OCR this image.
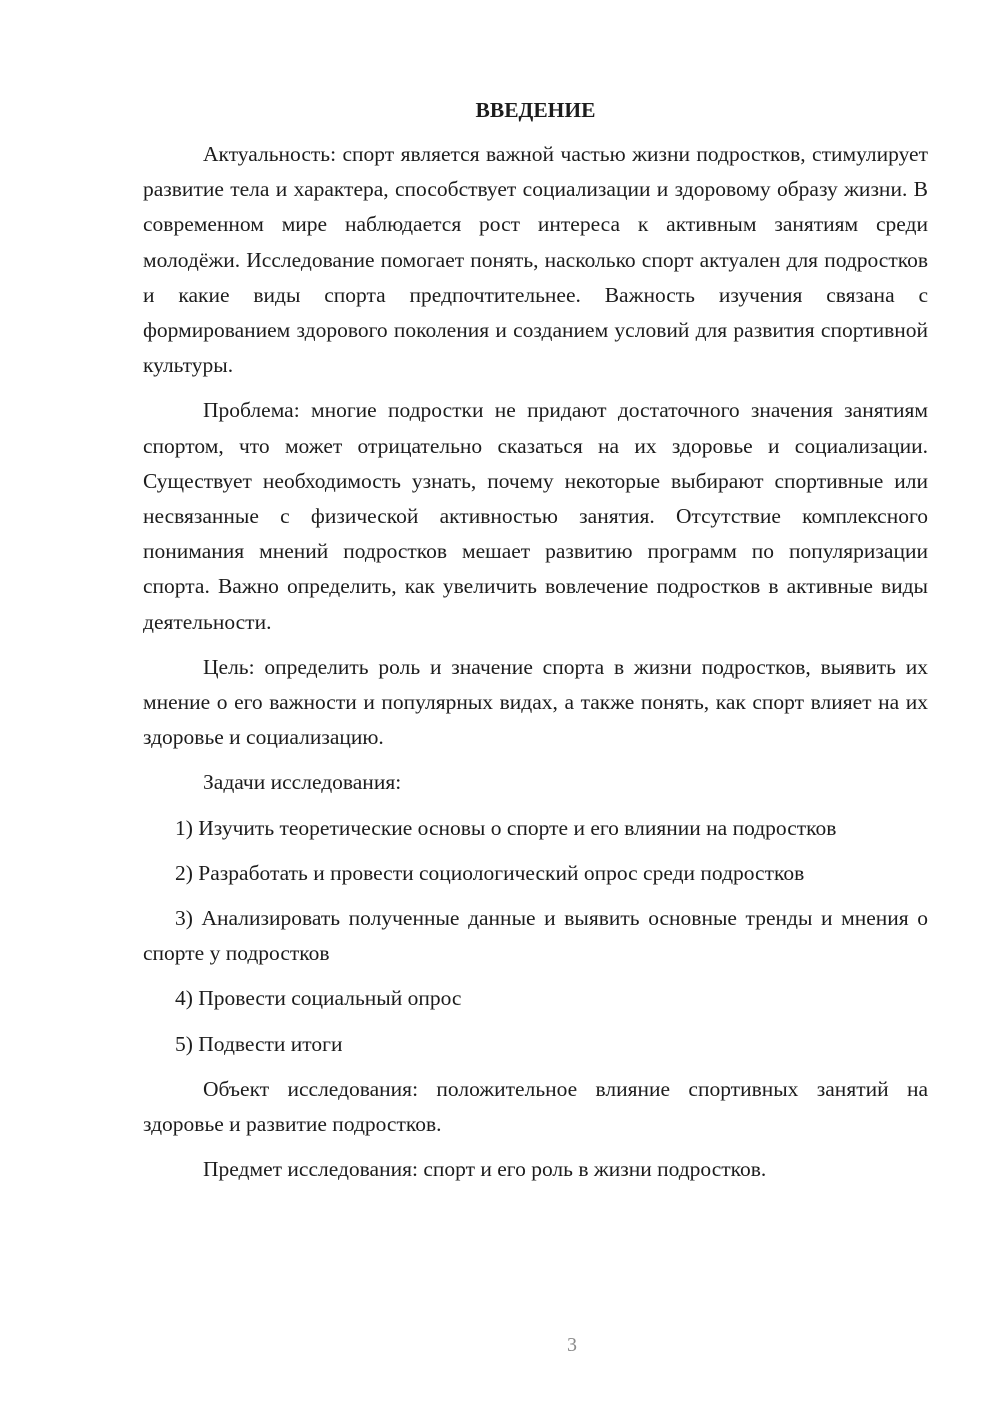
ВВЕДЕНИЕ
Актуальность: спорт является важной частью жизни подростков, стимулирует развитие тела и характера, способствует социализации и здоровому образу жизни. В современном мире наблюдается рост интереса к активным занятиям среди молодёжи. Исследование помогает понять, насколько спорт актуален для подростков и какие виды спорта предпочтительнее. Важность изучения связана с формированием здорового поколения и созданием условий для развития спортивной культуры.
Проблема: многие подростки не придают достаточного значения занятиям спортом, что может отрицательно сказаться на их здоровье и социализации. Существует необходимость узнать, почему некоторые выбирают спортивные или несвязанные с физической активностью занятия. Отсутствие комплексного понимания мнений подростков мешает развитию программ по популяризации спорта. Важно определить, как увеличить вовлечение подростков в активные виды деятельности.
Цель: определить роль и значение спорта в жизни подростков, выявить их мнение о его важности и популярных видах, а также понять, как спорт влияет на их здоровье и социализацию.
Задачи исследования:
1) Изучить теоретические основы о спорте и его влиянии на подростков
2) Разработать и провести социологический опрос среди подростков
3) Анализировать полученные данные и выявить основные тренды и мнения о спорте у подростков
4) Провести социальный опрос
5) Подвести итоги
Объект исследования: положительное влияние спортивных занятий на здоровье и развитие подростков.
Предмет исследования: спорт и его роль в жизни подростков.
3
